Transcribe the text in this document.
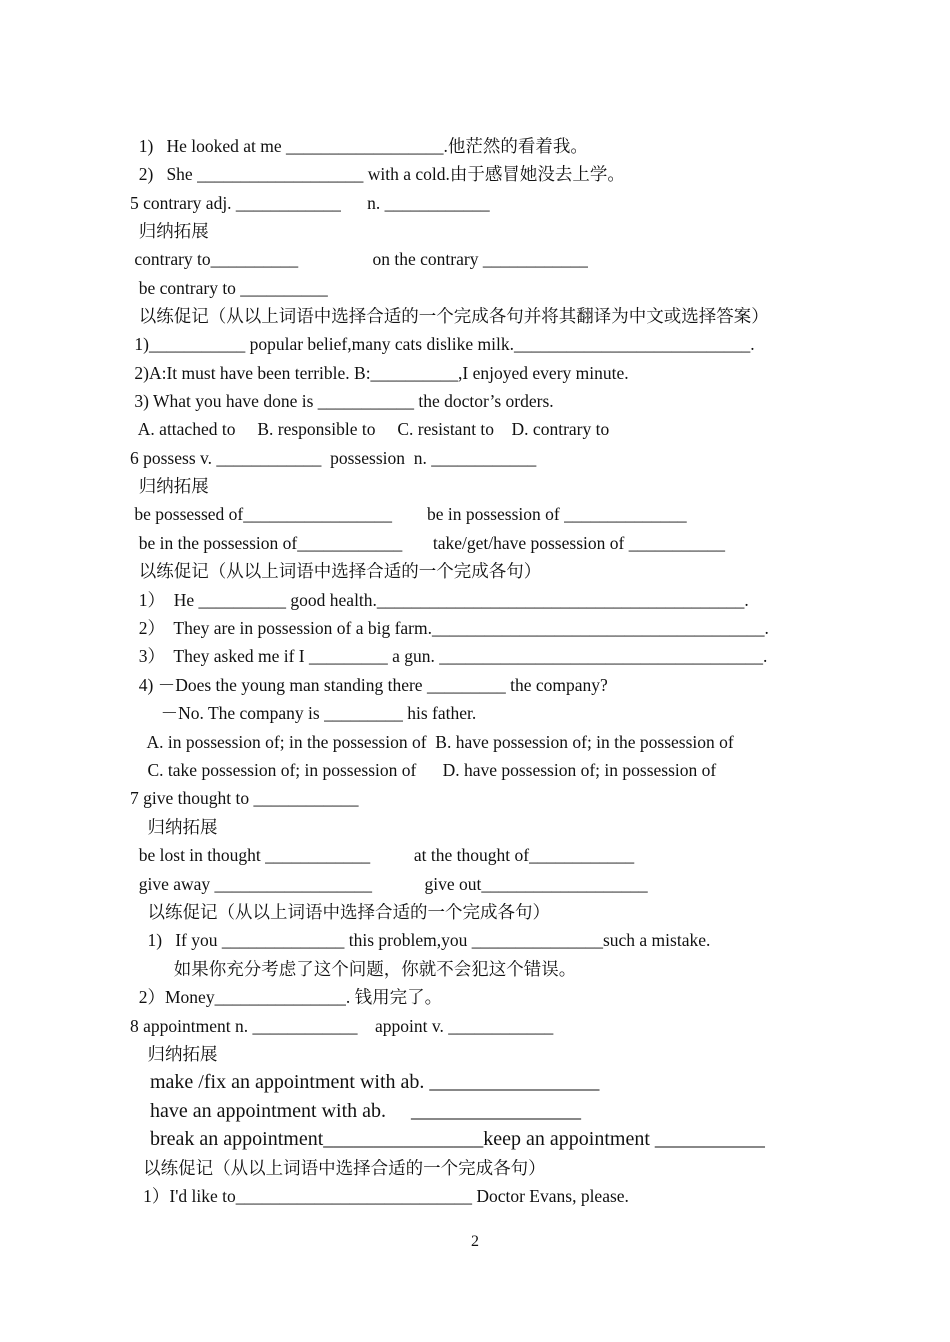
1)   He looked at me __________________.他茫然的看着我。
2)   She ___________________ with a cold.由于感冒她没去上学。
5 contrary adj. ____________      n. ____________
归纳拓展
contrary to__________                 on the contrary ____________
be contrary to __________
以练促记（从以上词语中选择合适的一个完成各句并将其翻译为中文或选择答案）
1)___________ popular belief,many cats dislike milk.___________________________.
2)A:It must have been terrible. B:__________,I enjoyed every minute.
3) What you have done is ___________ the doctor’s orders.
A. attached to     B. responsible to     C. resistant to    D. contrary to
6 possess v. ____________  possession  n. ____________
归纳拓展
be possessed of_________________        be in possession of ______________
be in the possession of____________       take/get/have possession of ___________
以练促记（从以上词语中选择合适的一个完成各句）
1）  He __________ good health.__________________________________________.
2）  They are in possession of a big farm.______________________________________.
3）  They asked me if I _________ a gun. _____________________________________.
4) －Does the young man standing there _________ the company?
－No. The company is _________ his father.
A. in possession of; in the possession of  B. have possession of; in the possession of
C. take possession of; in possession of      D. have possession of; in possession of
7 give thought to ____________
归纳拓展
be lost in thought ____________          at the thought of____________
give away __________________            give out___________________
以练促记（从以上词语中选择合适的一个完成各句）
1)   If you ______________ this problem,you _______________such a mistake.
如果你充分考虑了这个问题，你就不会犯这个错误。
2）Money_______________. 钱用完了。
8 appointment n. ____________    appoint v. ____________
归纳拓展
make /fix an appointment with ab. _________________
have an appointment with ab.     _________________
break an appointment________________keep an appointment ___________
以练促记（从以上词语中选择合适的一个完成各句）
1）I'd like to___________________________ Doctor Evans, please.
2
